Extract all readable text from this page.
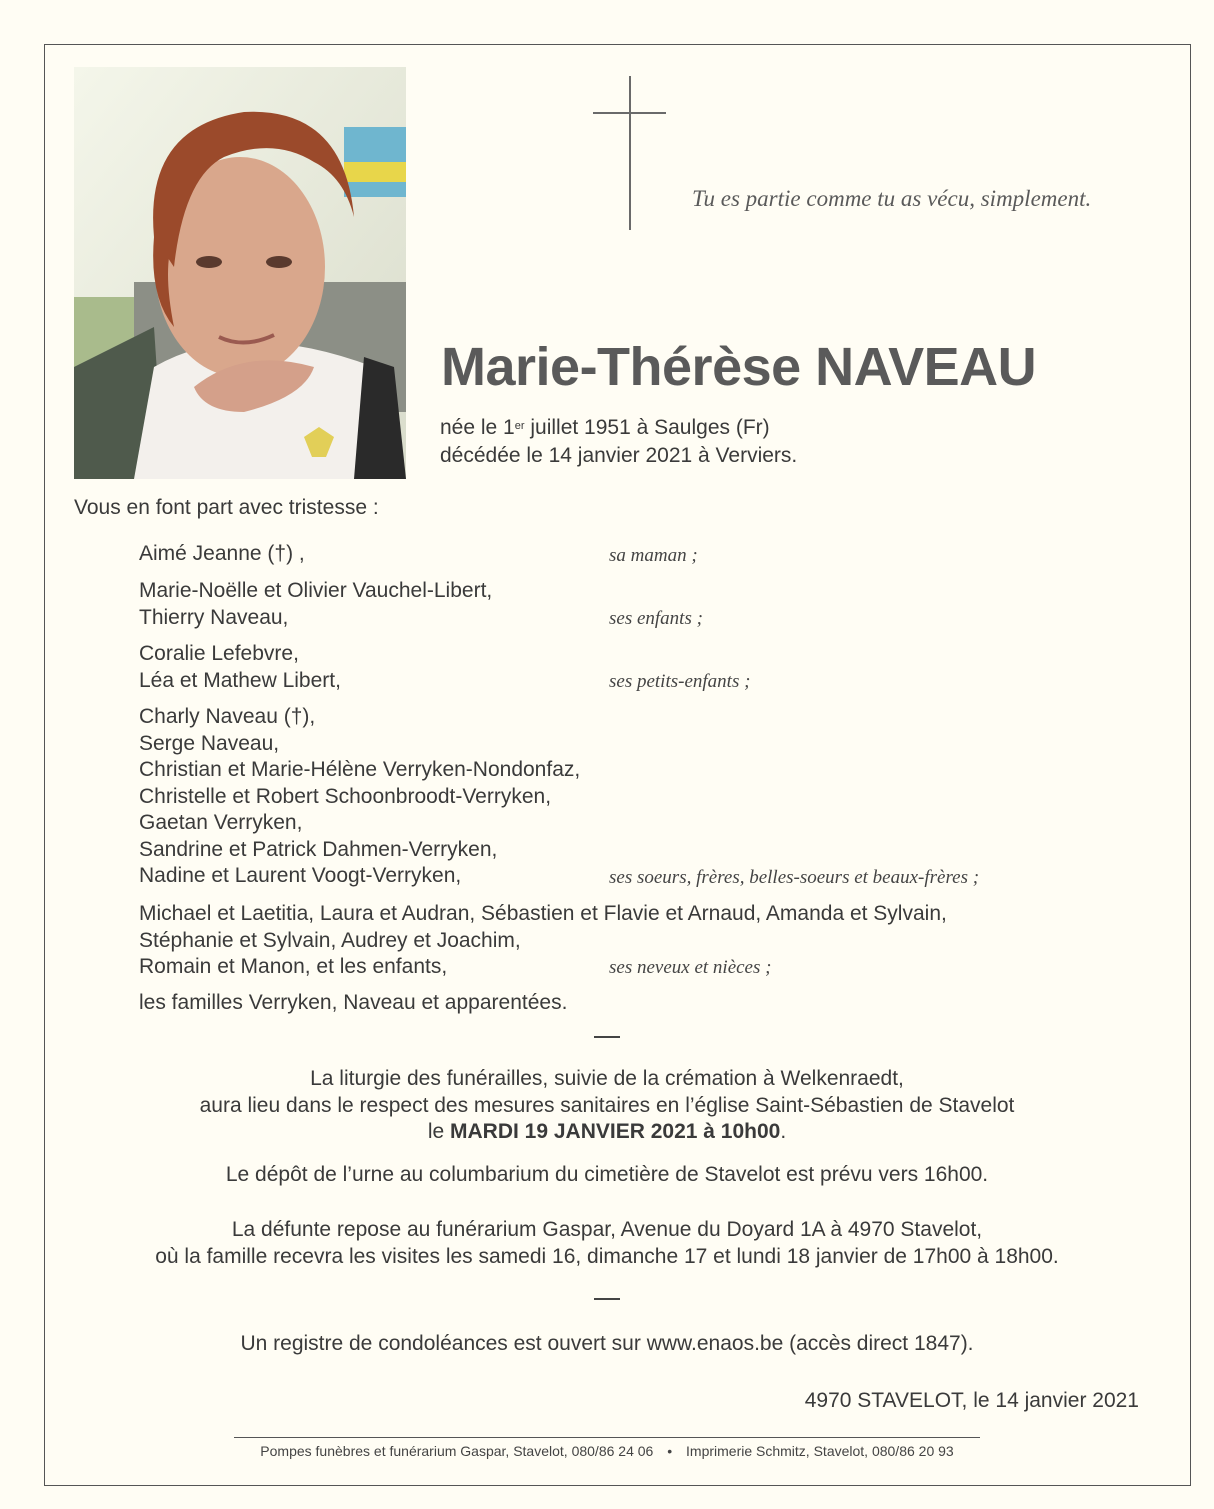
Tu es partie comme tu as vécu, simplement.
Marie-Thérèse NAVEAU
née le 1er juillet 1951 à Saulges (Fr)
décédée le 14 janvier 2021 à Verviers.
Vous en font part avec tristesse :
Aimé Jeanne (†) ,	sa maman ;
Marie-Noëlle et Olivier Vauchel-Libert,
Thierry Naveau,	ses enfants ;
Coralie Lefebvre,
Léa et Mathew Libert,	ses petits-enfants ;
Charly Naveau (†),
Serge Naveau,
Christian et Marie-Hélène Verryken-Nondonfaz,
Christelle et Robert Schoonbroodt-Verryken,
Gaetan Verryken,
Sandrine et Patrick Dahmen-Verryken,
Nadine et Laurent Voogt-Verryken,	ses soeurs, frères, belles-soeurs et beaux-frères ;
Michael et Laetitia, Laura et Audran, Sébastien et Flavie et Arnaud, Amanda et Sylvain,
Stéphanie et Sylvain, Audrey et Joachim,
Romain et Manon, et les enfants,	ses neveux et nièces ;
les familles Verryken, Naveau et apparentées.
La liturgie des funérailles, suivie de la crémation à Welkenraedt,
aura lieu dans le respect des mesures sanitaires en l’église Saint-Sébastien de Stavelot
le MARDI 19 JANVIER 2021 à 10h00.
Le dépôt de l’urne au columbarium du cimetière de Stavelot est prévu vers 16h00.
La défunte repose au funérarium Gaspar, Avenue du Doyard 1A à 4970 Stavelot,
où la famille recevra les visites les samedi 16, dimanche 17 et lundi 18 janvier de 17h00 à 18h00.
Un registre de condoléances est ouvert sur www.enaos.be (accès direct 1847).
4970 STAVELOT, le 14 janvier 2021
Pompes funèbres et funérarium Gaspar, Stavelot, 080/86 24 06 • Imprimerie Schmitz, Stavelot, 080/86 20 93
